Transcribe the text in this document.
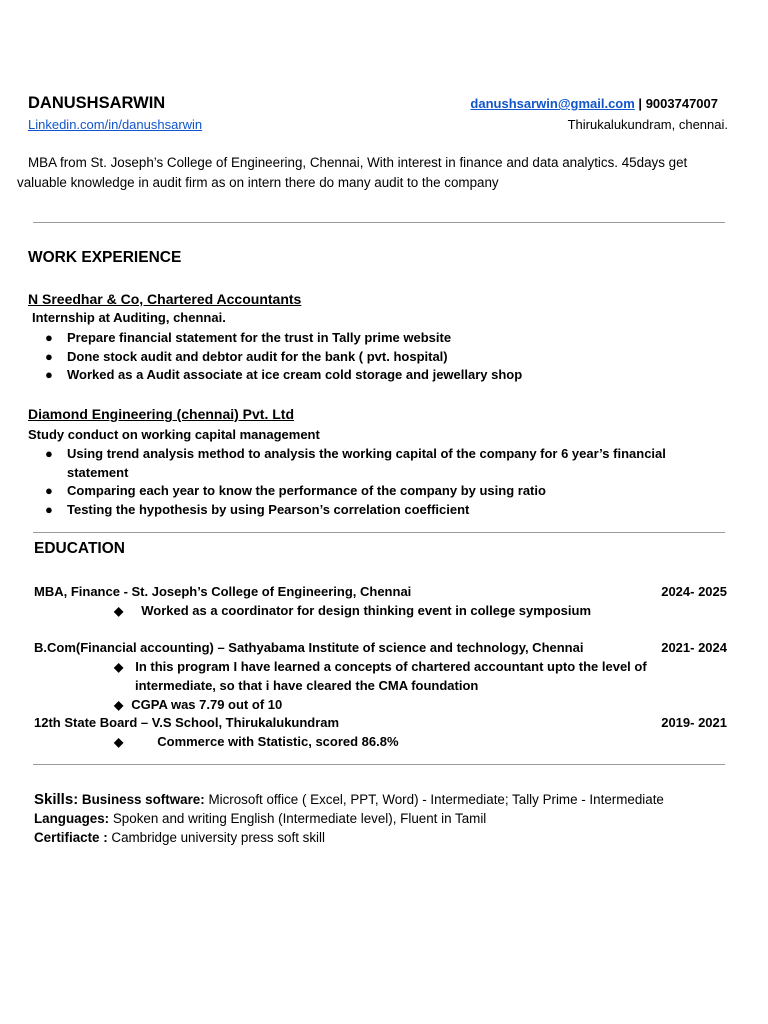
DANUSHSARWIN	danushsarwin@gmail.com | 9003747007
Linkedin.com/in/danushsarwin	Thirukalukundram, chennai.
MBA from St. Joseph’s College of Engineering, Chennai, With interest in finance and data analytics. 45days get valuable knowledge in audit firm as on intern there do many audit to the company
WORK EXPERIENCE
N Sreedhar & Co, Chartered Accountants
Internship at Auditing, chennai.
● Prepare financial statement for the trust in Tally prime website
● Done stock audit and debtor audit for the bank ( pvt. hospital)
● Worked as a Audit associate at ice cream cold storage and jewellary shop
Diamond Engineering (chennai) Pvt. Ltd
Study conduct on working capital management
● Using trend analysis method to analysis the working capital of the company for 6 year’s financial statement
● Comparing each year to know the performance of the company by using ratio
● Testing the hypothesis by using Pearson’s correlation coefficient
EDUCATION
MBA, Finance - St. Joseph’s College of Engineering, Chennai	2024- 2025
◆ Worked as a coordinator for design thinking event in college symposium
B.Com(Financial accounting) – Sathyabama Institute of science and technology, Chennai	2021- 2024
◆ In this program I have learned a concepts of chartered accountant upto the level of
intermediate, so that i have cleared the CMA foundation
◆ CGPA was 7.79 out of 10
12th State Board – V.S School, Thirukalukundram	2019- 2021
◆	Commerce with Statistic, scored 86.8%
Skills: Business software: Microsoft office ( Excel, PPT, Word) - Intermediate; Tally Prime - Intermediate
Languages: Spoken and writing English (Intermediate level), Fluent in Tamil
Certifiacte : Cambridge university press soft skill
